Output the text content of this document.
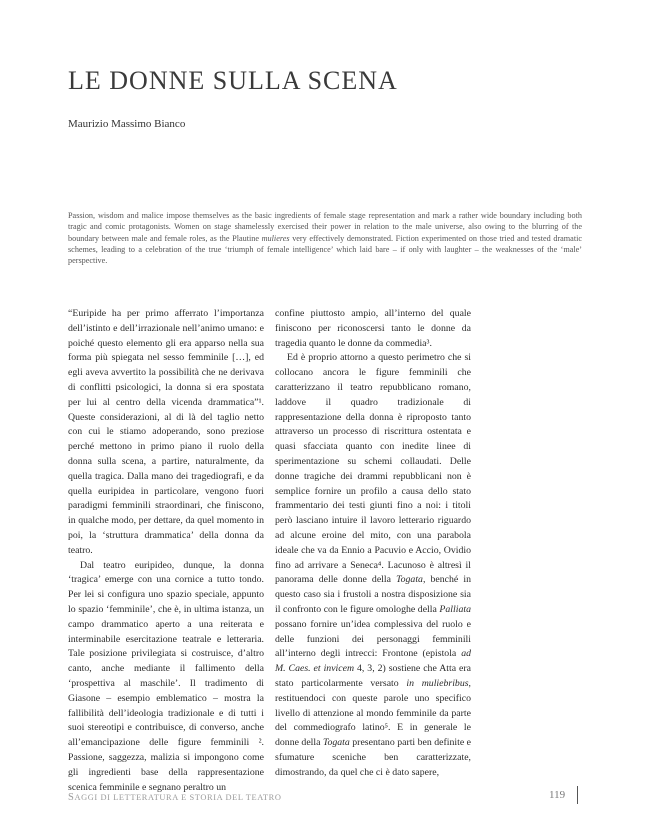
LE DONNE SULLA SCENA
Maurizio Massimo Bianco
Passion, wisdom and malice impose themselves as the basic ingredients of female stage representation and mark a rather wide boundary including both tragic and comic protagonists. Women on stage shamelessly exercised their power in relation to the male universe, also owing to the blurring of the boundary between male and female roles, as the Plautine mulieres very effectively demonstrated. Fiction experimented on those tried and tested dramatic schemes, leading to a celebration of the true ‘triumph of female intelligence’ which laid bare – if only with laughter – the weaknesses of the ‘male’ perspective.

“Euripide ha per primo afferrato l’importanza dell’istinto e dell’irrazionale nell’animo umano: e poiché questo elemento gli era apparso nella sua forma più spiegata nel sesso femminile […], ed egli aveva avvertito la possibilità che ne derivava di conflitti psicologici, la donna si era spostata per lui al centro della vicenda drammatica”¹. Queste considerazioni, al di là del taglio netto con cui le stiamo adoperando, sono preziose perché mettono in primo piano il ruolo della donna sulla scena, a partire, naturalmente, da quella tragica. Dalla mano dei tragediografi, e da quella euripidea in particolare, vengono fuori paradigmi femminili straordinari, che finiscono, in qualche modo, per dettare, da quel momento in poi, la ‘struttura drammatica’ della donna da teatro.

Dal teatro euripideo, dunque, la donna ‘tragica’ emerge con una cornice a tutto tondo. Per lei si configura uno spazio speciale, appunto lo spazio ‘femminile’, che è, in ultima istanza, un campo drammatico aperto a una reiterata e interminabile esercitazione teatrale e letteraria. Tale posizione privilegiata si costruisce, d’altro canto, anche mediante il fallimento della ‘prospettiva al maschile’. Il tradimento di Giasone – esempio emblematico – mostra la fallibilità dell’ideologia tradizionale e di tutti i suoi stereotipi e contribuisce, di converso, anche all’emancipazione delle figure femminili ². Passione, saggezza, malizia si impongono come gli ingredienti base della rappresentazione scenica femminile e segnano peraltro un

confine piuttosto ampio, all’interno del quale finiscono per riconoscersi tanto le donne da tragedia quanto le donne da commedia³.

Ed è proprio attorno a questo perimetro che si collocano ancora le figure femminili che caratterizzano il teatro repubblicano romano, laddove il quadro tradizionale di rappresentazione della donna è riproposto tanto attraverso un processo di riscrittura ostentata e quasi sfacciata quanto con inedite linee di sperimentazione su schemi collaudati. Delle donne tragiche dei drammi repubblicani non è semplice fornire un profilo a causa dello stato frammentario dei testi giunti fino a noi: i titoli però lasciano intuire il lavoro letterario riguardo ad alcune eroine del mito, con una parabola ideale che va da Ennio a Pacuvio e Accio, Ovidio fino ad arrivare a Seneca⁴. Lacunoso è altresì il panorama delle donne della Togata, benché in questo caso sia i frustoli a nostra disposizione sia il confronto con le figure omologhe della Palliata possano fornire un’idea complessiva del ruolo e delle funzioni dei personaggi femminili all’interno degli intrecci: Frontone (epistola ad M. Caes. et invicem 4, 3, 2) sostiene che Atta era stato particolarmente versato in muliebribus, restituendoci con queste parole uno specifico livello di attenzione al mondo femminile da parte del commediografo latino⁵. E in generale le donne della Togata presentano parti ben definite e sfumature sceniche ben caratterizzate, dimostrando, da quel che ci è dato sapere,

SAGGI DI LETTERATURA E STORIA DEL TEATRO	119
